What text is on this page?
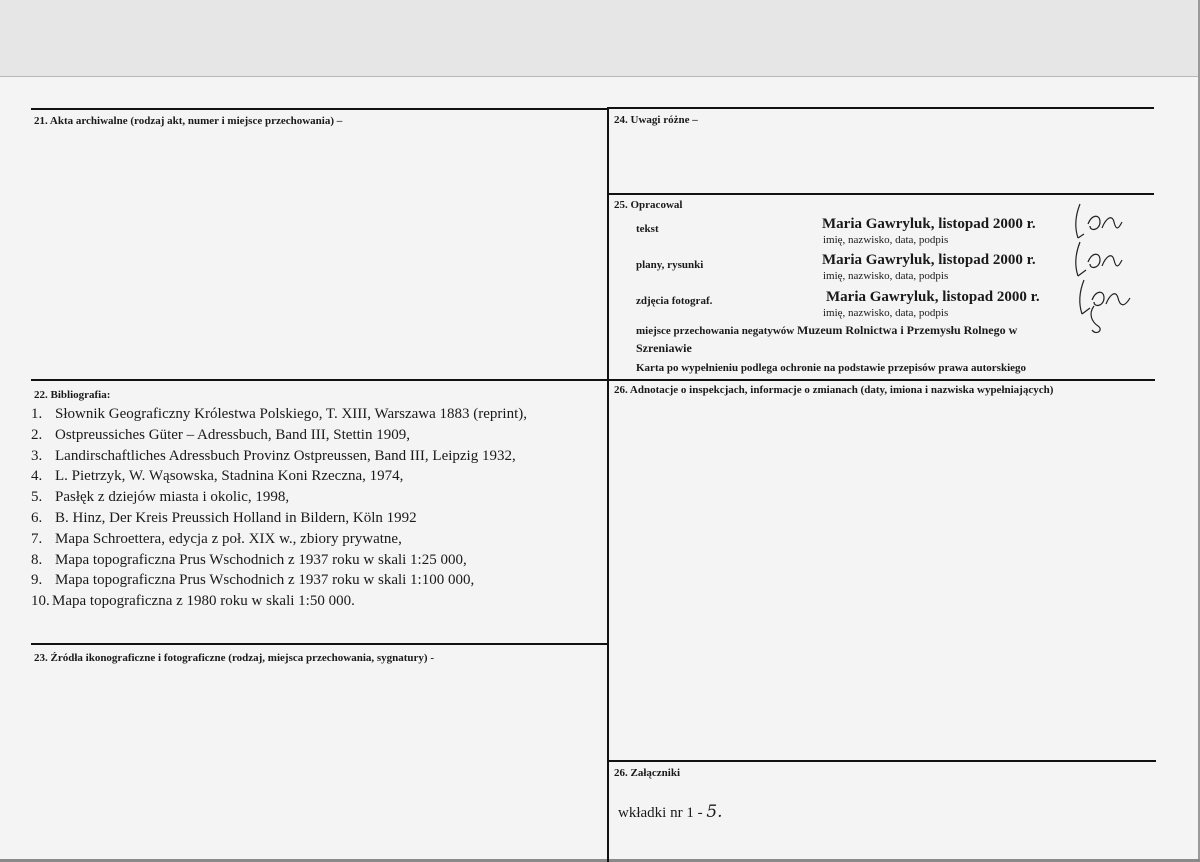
21. Akta archiwalne (rodzaj akt, numer i miejsce przechowania) –	24. Uwagi różne –
25. Opracowal
tekst	Maria Gawryluk, listopad 2000 r.
imię, nazwisko, data, podpis
plany, rysunki	Maria Gawryluk, listopad 2000 r.
imię, nazwisko, data, podpis
zdjęcia fotograf.	Maria Gawryluk, listopad 2000 r.
imię, nazwisko, data, podpis
miejsce przechowania negatywów Muzeum Rolnictwa i Przemysłu Rolnego w
Szreniawie
Karta po wypełnieniu podlega ochronie na podstawie przepisów prawa autorskiego
22. Bibliografia:
1. Słownik Geograficzny Królestwa Polskiego, T. XIII, Warszawa 1883 (reprint),
2. Ostpreussiches Güter – Adressbuch, Band III, Stettin 1909,
3. Landirschaftliches Adressbuch Provinz Ostpreussen, Band III, Leipzig 1932,
4. L. Pietrzyk, W. Wąsowska, Stadnina Koni Rzeczna, 1974,
5. Pasłęk z dziejów miasta i okolic, 1998,
6. B. Hinz, Der Kreis Preussich Holland in Bildern, Köln 1992
7. Mapa Schroettera, edycja z poł. XIX w., zbiory prywatne,
8. Mapa topograficzna Prus Wschodnich z 1937 roku w skali 1:25 000,
9. Mapa topograficzna Prus Wschodnich z 1937 roku w skali 1:100 000,
10. Mapa topograficzna z 1980 roku w skali 1:50 000.
26. Adnotacje o inspekcjach, informacje o zmianach (daty, imiona i nazwiska wypełniających)
23. Źródła ikonograficzne i fotograficzne (rodzaj, miejsca przechowania, sygnatury) -
26. Załączniki
wkładki nr 1 - 5.
